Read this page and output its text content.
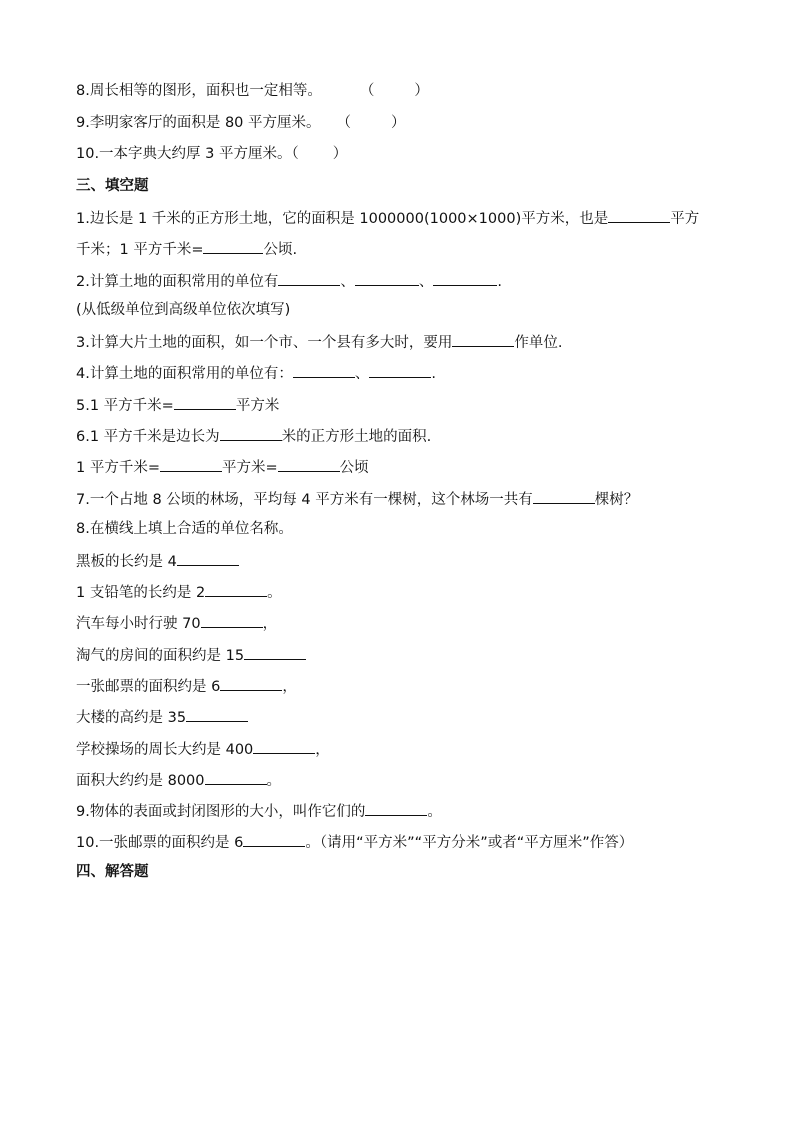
8.周长相等的图形，面积也一定相等。	（	）
9.李明家客厅的面积是 80 平方厘米。 （	）
10.一本字典大约厚 3 平方厘米。（ ）
三、填空题
1.边长是 1 千米的正方形土地，它的面积是 1000000(1000×1000)平方米，也是	平方
千米；1 平方千米=	公顷.
2.计算土地的面积常用的单位有	、	、	.
(从低级单位到高级单位依次填写)
3.计算大片土地的面积，如一个市、一个县有多大时，要用	作单位.
4.计算土地的面积常用的单位有：	、	.
5.1 平方千米=	平方米
6.1 平方千米是边长为	米的正方形土地的面积.
1 平方千米=	平方米=	公顷
7.一个占地 8 公顷的林场，平均每 4 平方米有一棵树，这个林场一共有	棵树？
8.在横线上填上合适的单位名称。
黑板的长约是 4
1 支铅笔的长约是 2	。
汽车每小时行驶 70	，
淘气的房间的面积约是 15
一张邮票的面积约是 6	，
大楼的高约是 35
学校操场的周长大约是 400	，
面积大约约是 8000	。
9.物体的表面或封闭图形的大小，叫作它们的	。
10.一张邮票的面积约是 6	。（请用“平方米”“平方分米”或者“平方厘米”作答）
四、解答题
